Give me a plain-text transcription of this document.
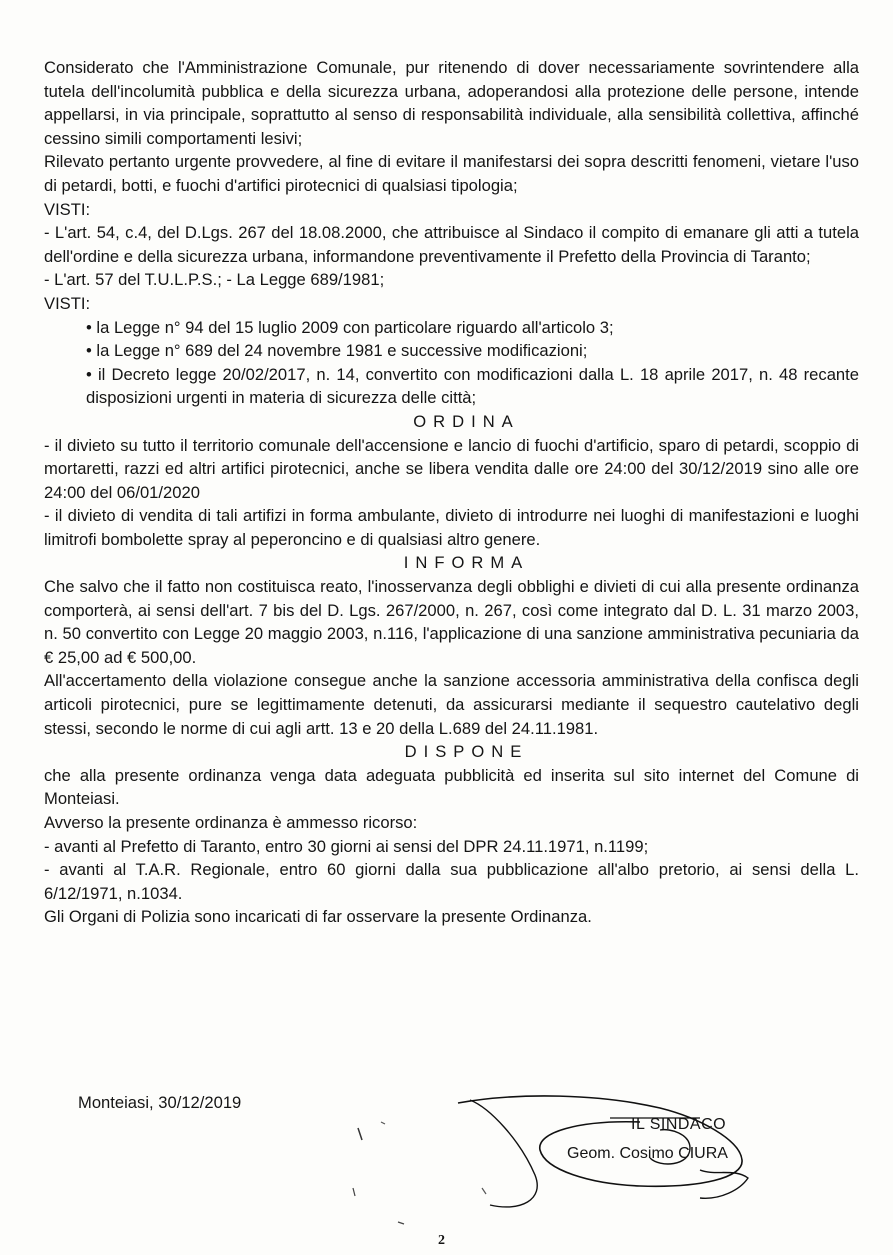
Considerato che l'Amministrazione Comunale, pur ritenendo di dover necessariamente sovrintendere alla tutela dell'incolumità pubblica e della sicurezza urbana, adoperandosi alla protezione delle persone, intende appellarsi, in via principale, soprattutto al senso di responsabilità individuale, alla sensibilità collettiva, affinché cessino simili comportamenti lesivi;

Rilevato pertanto urgente provvedere, al fine di evitare il manifestarsi dei sopra descritti fenomeni, vietare l'uso di petardi, botti, e fuochi d'artifici pirotecnici di qualsiasi tipologia;

VISTI:

- L'art. 54, c.4, del D.Lgs. 267 del 18.08.2000, che attribuisce al Sindaco il compito di emanare gli atti a tutela dell'ordine e della sicurezza urbana, informandone preventivamente il Prefetto della Provincia di Taranto;

- L'art. 57 del T.U.L.P.S.; - La Legge 689/1981;

VISTI:

• la Legge n° 94 del 15 luglio 2009 con particolare riguardo all'articolo 3;

• la Legge n° 689 del 24 novembre 1981 e successive modificazioni;

• il Decreto legge 20/02/2017, n. 14, convertito con modificazioni dalla L. 18 aprile 2017, n. 48 recante disposizioni urgenti in materia di sicurezza delle città;

ORDINA

- il divieto su tutto il territorio comunale dell'accensione e lancio di fuochi d'artificio, sparo di petardi, scoppio di mortaretti, razzi ed altri artifici pirotecnici, anche se libera vendita dalle ore 24:00 del 30/12/2019 sino alle ore 24:00 del 06/01/2020

- il divieto di vendita di tali artifizi in forma ambulante, divieto di introdurre nei luoghi di manifestazioni e luoghi limitrofi bombolette spray al peperoncino e di qualsiasi altro genere.

INFORMA

Che salvo che il fatto non costituisca reato, l'inosservanza degli obblighi e divieti di cui alla presente ordinanza comporterà, ai sensi dell'art. 7 bis del D. Lgs. 267/2000, n. 267, così come integrato dal D. L. 31 marzo 2003, n. 50 convertito con Legge 20 maggio 2003, n.116, l'applicazione di una sanzione amministrativa pecuniaria da € 25,00 ad € 500,00.

All'accertamento della violazione consegue anche la sanzione accessoria amministrativa della confisca degli articoli pirotecnici, pure se legittimamente detenuti, da assicurarsi mediante il sequestro cautelativo degli stessi, secondo le norme di cui agli artt. 13 e 20 della L.689 del 24.11.1981.

DISPONE

che alla presente ordinanza venga data adeguata pubblicità ed inserita sul sito internet del Comune di Monteiasi.

Avverso la presente ordinanza è ammesso ricorso:

- avanti al Prefetto di Taranto, entro 30 giorni ai sensi del DPR 24.11.1971, n.1199;

- avanti al T.A.R. Regionale, entro 60 giorni dalla sua pubblicazione all'albo pretorio, ai sensi della L. 6/12/1971, n.1034.

Gli Organi di Polizia sono incaricati di far osservare la presente Ordinanza.

Monteiasi, 30/12/2019
IL SINDACO
Geom. Cosimo CIURA
2
